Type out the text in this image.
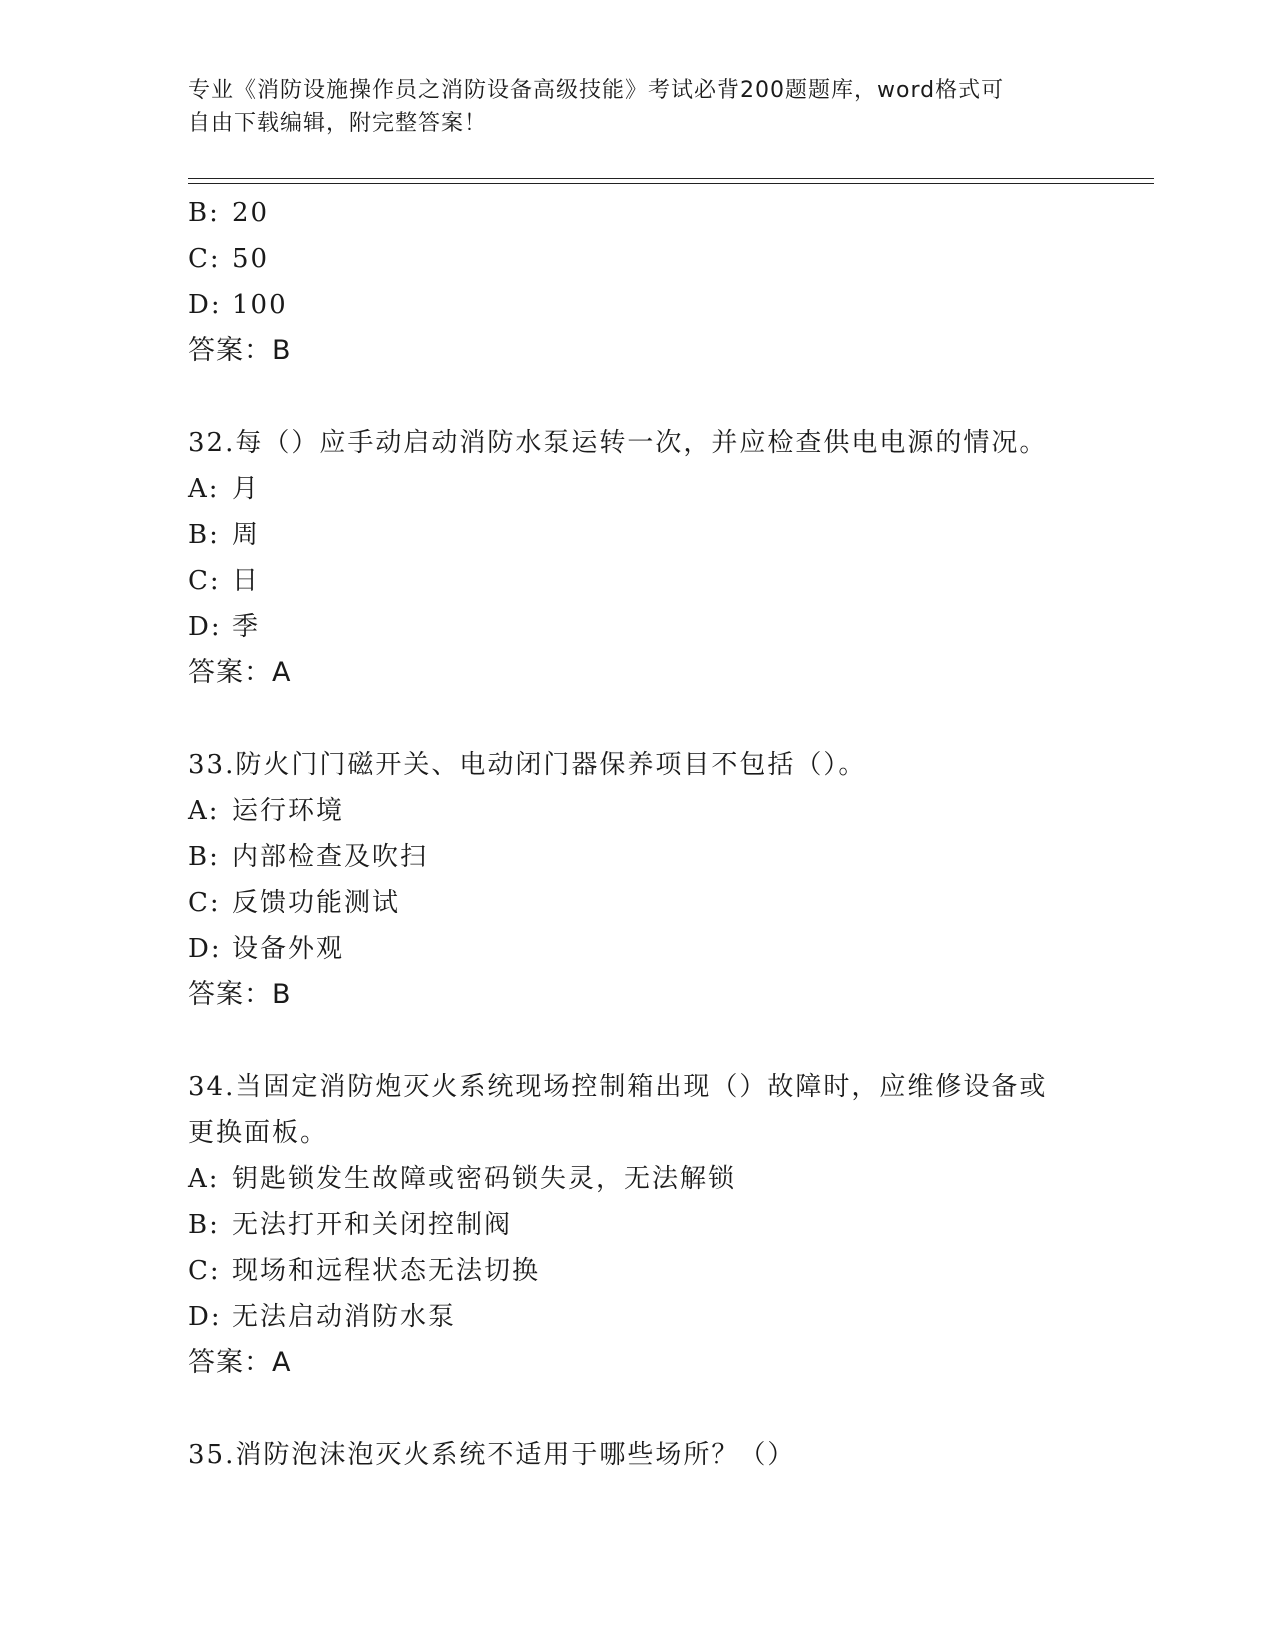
专业《消防设施操作员之消防设备高级技能》考试必背200题题库，word格式可
自由下载编辑，附完整答案！
B: 20
C: 50
D: 100
答案：B
32.每（）应手动启动消防水泵运转一次，并应检查供电电源的情况。
A: 月
B: 周
C: 日
D: 季
答案：A
33.防火门门磁开关、电动闭门器保养项目不包括（）。
A: 运行环境
B: 内部检查及吹扫
C: 反馈功能测试
D: 设备外观
答案：B
34.当固定消防炮灭火系统现场控制箱出现（）故障时，应维修设备或
更换面板。
A: 钥匙锁发生故障或密码锁失灵，无法解锁
B: 无法打开和关闭控制阀
C: 现场和远程状态无法切换
D: 无法启动消防水泵
答案：A
35.消防泡沫泡灭火系统不适用于哪些场所？（）
